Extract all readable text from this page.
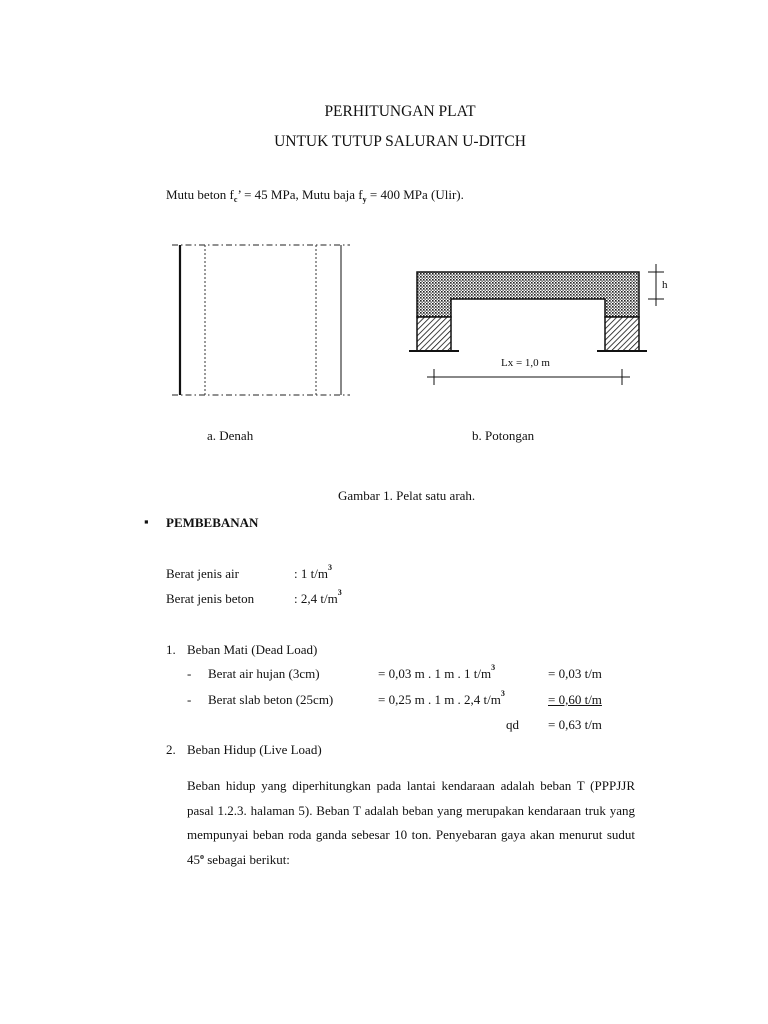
PERHITUNGAN PLAT
UNTUK TUTUP SALURAN U-DITCH
Mutu beton $f_c$’ = 45 MPa, Mutu baja $f_y = 400$ MPa (Ulir).
h
Lx = 1,0 m
a. Denah	b. Potongan
Gambar 1. Pelat satu arah.
▪ PEMBEBANAN
Berat jenis air	: 1 $t/m^3$
Berat jenis beton	: 2,4 $t/m^3$
1. Beban Mati (Dead Load)
- Berat air hujan (3cm)	= 0,03 m . 1 m . 1 $t/m^3$	= 0,03 t/m
- Berat slab beton (25cm)	= 0,25 m . 1 m . 2,4 $t/m^3$	= 0,60 t/m
qd = 0,63 t/m
2. Beban Hidup (Live Load)
Beban hidup yang diperhitungkan pada lantai kendaraan adalah beban T (PPPJJR pasal 1.2.3. halaman 5). Beban T adalah beban yang merupakan kendaraan truk yang mempunyai beban roda ganda sebesar 10 ton. Penyebaran gaya akan menurut sudut 45$^o$ sebagai berikut:
